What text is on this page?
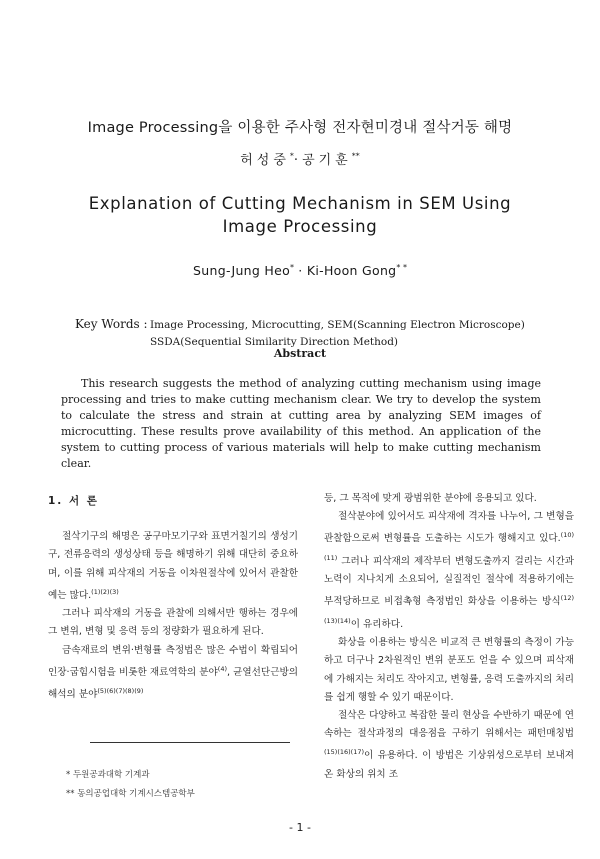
Image Processing을 이용한 주사형 전자현미경내 절삭거동 해명
허성중*·공기훈**
Explanation of Cutting Mechanism in SEM Using Image Processing
Sung-Jung Heo* · Ki-Hoon Gong* *
Key Words : Image Processing, Microcutting, SEM(Scanning Electron Microscope)
SSDA(Sequential Similarity Direction Method)
Abstract
This research suggests the method of analyzing cutting mechanism using image processing and tries to make cutting mechanism clear. We try to develop the system to calculate the stress and strain at cutting area by analyzing SEM images of microcutting. These results prove availability of this method. An application of the system to cutting process of various materials will help to make cutting mechanism clear.

1. 서 론

절삭기구의 해명은 공구마모기구와 표면거칠기의 생성기구, 전류응력의 생성상태 등을 해명하기 위해 대단히 중요하며, 이를 위해 피삭재의 거동을 이차원절삭에 있어서 관찰한 예는 많다.$^{(1)(2)(3)}$

그러나 피삭재의 거동을 관찰에 의해서만 행하는 경우에 그 변위, 변형 및 응력 등의 정량화가 필요하게 된다.

금속재료의 변위·변형률 측정법은 많은 수법이 확립되어 인장·굽힘시험을 비롯한 재료역학의 분야$^{(4)}$, 균열선단근방의 해석의 분야$^{(5)(6)(7)(8)(9)}$

* 두원공과대학 기계과
** 동의공업대학 기계시스템공학부

등, 그 목적에 맞게 광범위한 분야에 응용되고 있다.

절삭분야에 있어서도 피삭재에 격자를 나누어, 그 변형을 관찰함으로써 변형률을 도출하는 시도가 행해지고 있다.$^{(10)(11)}$ 그러나 피삭재의 제작부터 변형도출까지 걸리는 시간과 노력이 지나치게 소요되어, 실질적인 절삭에 적용하기에는 부적당하므로 비접촉형 측정법인 화상을 이용하는 방식$^{(12)(13)(14)}$이 유리하다.

화상을 이용하는 방식은 비교적 큰 변형률의 측정이 가능하고 더구나 2차원적인 변위 분포도 얻을 수 있으며 피삭재에 가해지는 처리도 작아지고, 변형률, 응력 도출까지의 처리를 쉽게 행할 수 있기 때문이다.

절삭은 다양하고 복잡한 물리 현상을 수반하기 때문에 연속하는 절삭과정의 대응점을 구하기 위해서는 패턴매칭법$^{(15)(16)(17)}$이 유용하다. 이 방법은 기상위성으로부터 보내져 온 화상의 위치 조

- 1 -
